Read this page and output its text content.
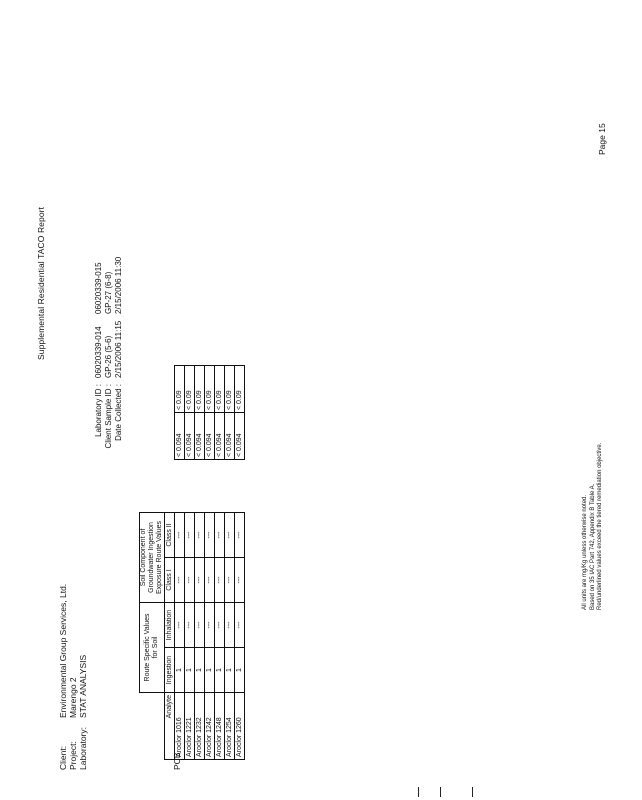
Supplemental Residential TACO Report
Client:Environmental Group Services, Ltd.
Project:Marengo 2
Laboratory:STAT ANALYSIS
Laboratory ID :
06020339-014
06020339-015
Client Sample ID :
GP-26 (5-6)
GP-27 (6-8)
Date Collected :
2/15/2006 11:15
2/15/2006 11:30
PCB
	Route Specific Values
for Soil		Soil Component of
Groundwater Ingestion
Exposure Route Values				
Analyte	Ingestion	Inhalation	Class I	Class II			
Aroclor 1016	1	---	---	---		< 0.094	< 0.09
Aroclor 1221	1	---	---	---		< 0.094	< 0.09
Aroclor 1232	1	---	---	---		< 0.094	< 0.09
Aroclor 1242	1	---	---	---		< 0.094	< 0.09
Aroclor 1248	1	---	---	---		< 0.094	< 0.09
Aroclor 1254	1	---	---	---		< 0.094	< 0.09
Aroclor 1260	1	---	---	---		< 0.094	< 0.09
All units are mg/Kg unless otherwise noted. Based on 35 IAC Part 742, Appendix B Table A. Red/underlined values exceed the tiered remediation objective.
Page 15
